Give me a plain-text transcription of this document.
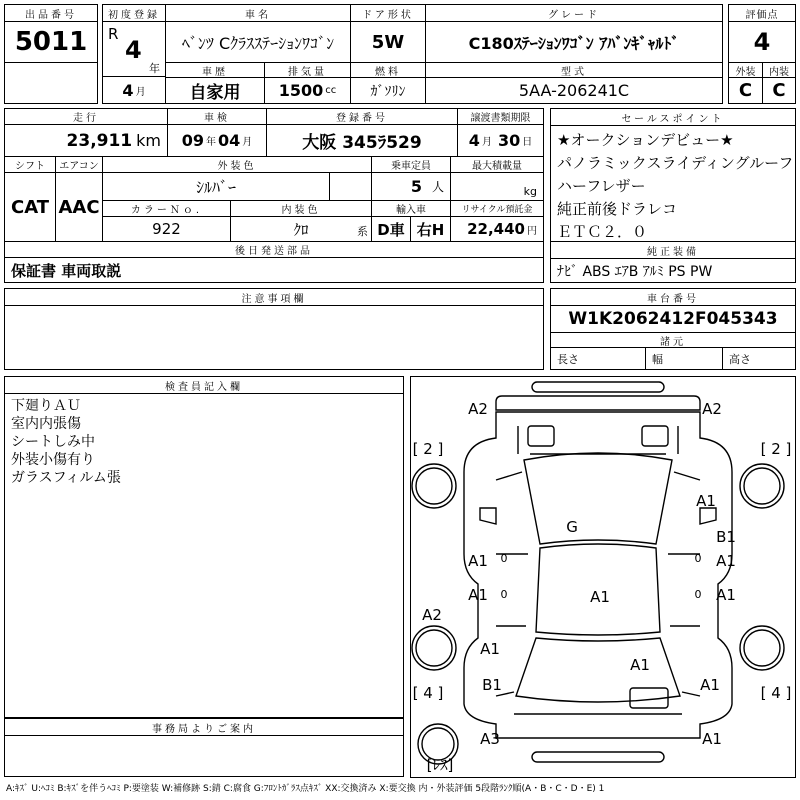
出品番号
5011
初度登録
R
4
年
4 月
車名
ﾍﾞﾝﾂ Cｸﾗｽｽﾃｰｼｮﾝﾜｺﾞﾝ
ドア形状
5W
グレード
C180ｽﾃｰｼｮﾝﾜｺﾞﾝ ｱﾊﾞﾝｷﾞｬﾙﾄﾞ
評価点
4
車歴
自家用
排気量
1500 cc
燃料
ｶﾞｿﾘﾝ
型式
5AA-206241C
外装	内装
C	C
走行
23,911 km
車検
09 年 04 月
登録番号
大阪 345ﾗ529
譲渡書類期限
4 月 30 日
セールスポイント
★オークションデビュー★
パノラミックスライディングルーフ
ハーフレザー
純正前後ドラレコ
ＥＴＣ２．０
純正装備
ﾅﾋﾞ ABS ｴｱB ｱﾙﾐ PS PW
シフト	エアコン
CAT AAC
外装色
ｼﾙﾊﾞｰ
乗車定員
5 人
最大積載量
kg
カラーＮｏ.
922
内装色
ｸﾛ	系
輸入車
D車 右H
リサイクル預託金
22,440 円
後日発送部品
保証書 車両取説
注意事項欄	車台番号
W1K2062412F045343
諸元
長さ	幅	高さ
検査員記入欄
下廻りＡＵ
室内内張傷
シートしみ中
外装小傷有り
ガラスフィルム張
事務局よりご案内
A2	A2
A1
G
B1
A1
A1
A1	A1	A1
A2
A1
A1
B1	A1
A3	A1
[ 2 ]	[ 2 ]
[ 4 ]	[ 4 ]
[ﾚｽ]
0	0
0	0
A:ｷｽﾞ U:ﾍｺﾐ B:ｷｽﾞを伴うﾍｺﾐ P:要塗装 W:補修跡 S:錆 C:腐食 G:ﾌﾛﾝﾄｶﾞﾗｽ点ｷｽﾞ XX:交換済み X:要交換 内・外装評価 5段階ﾗﾝｸ順(A・B・C・D・E) 1
